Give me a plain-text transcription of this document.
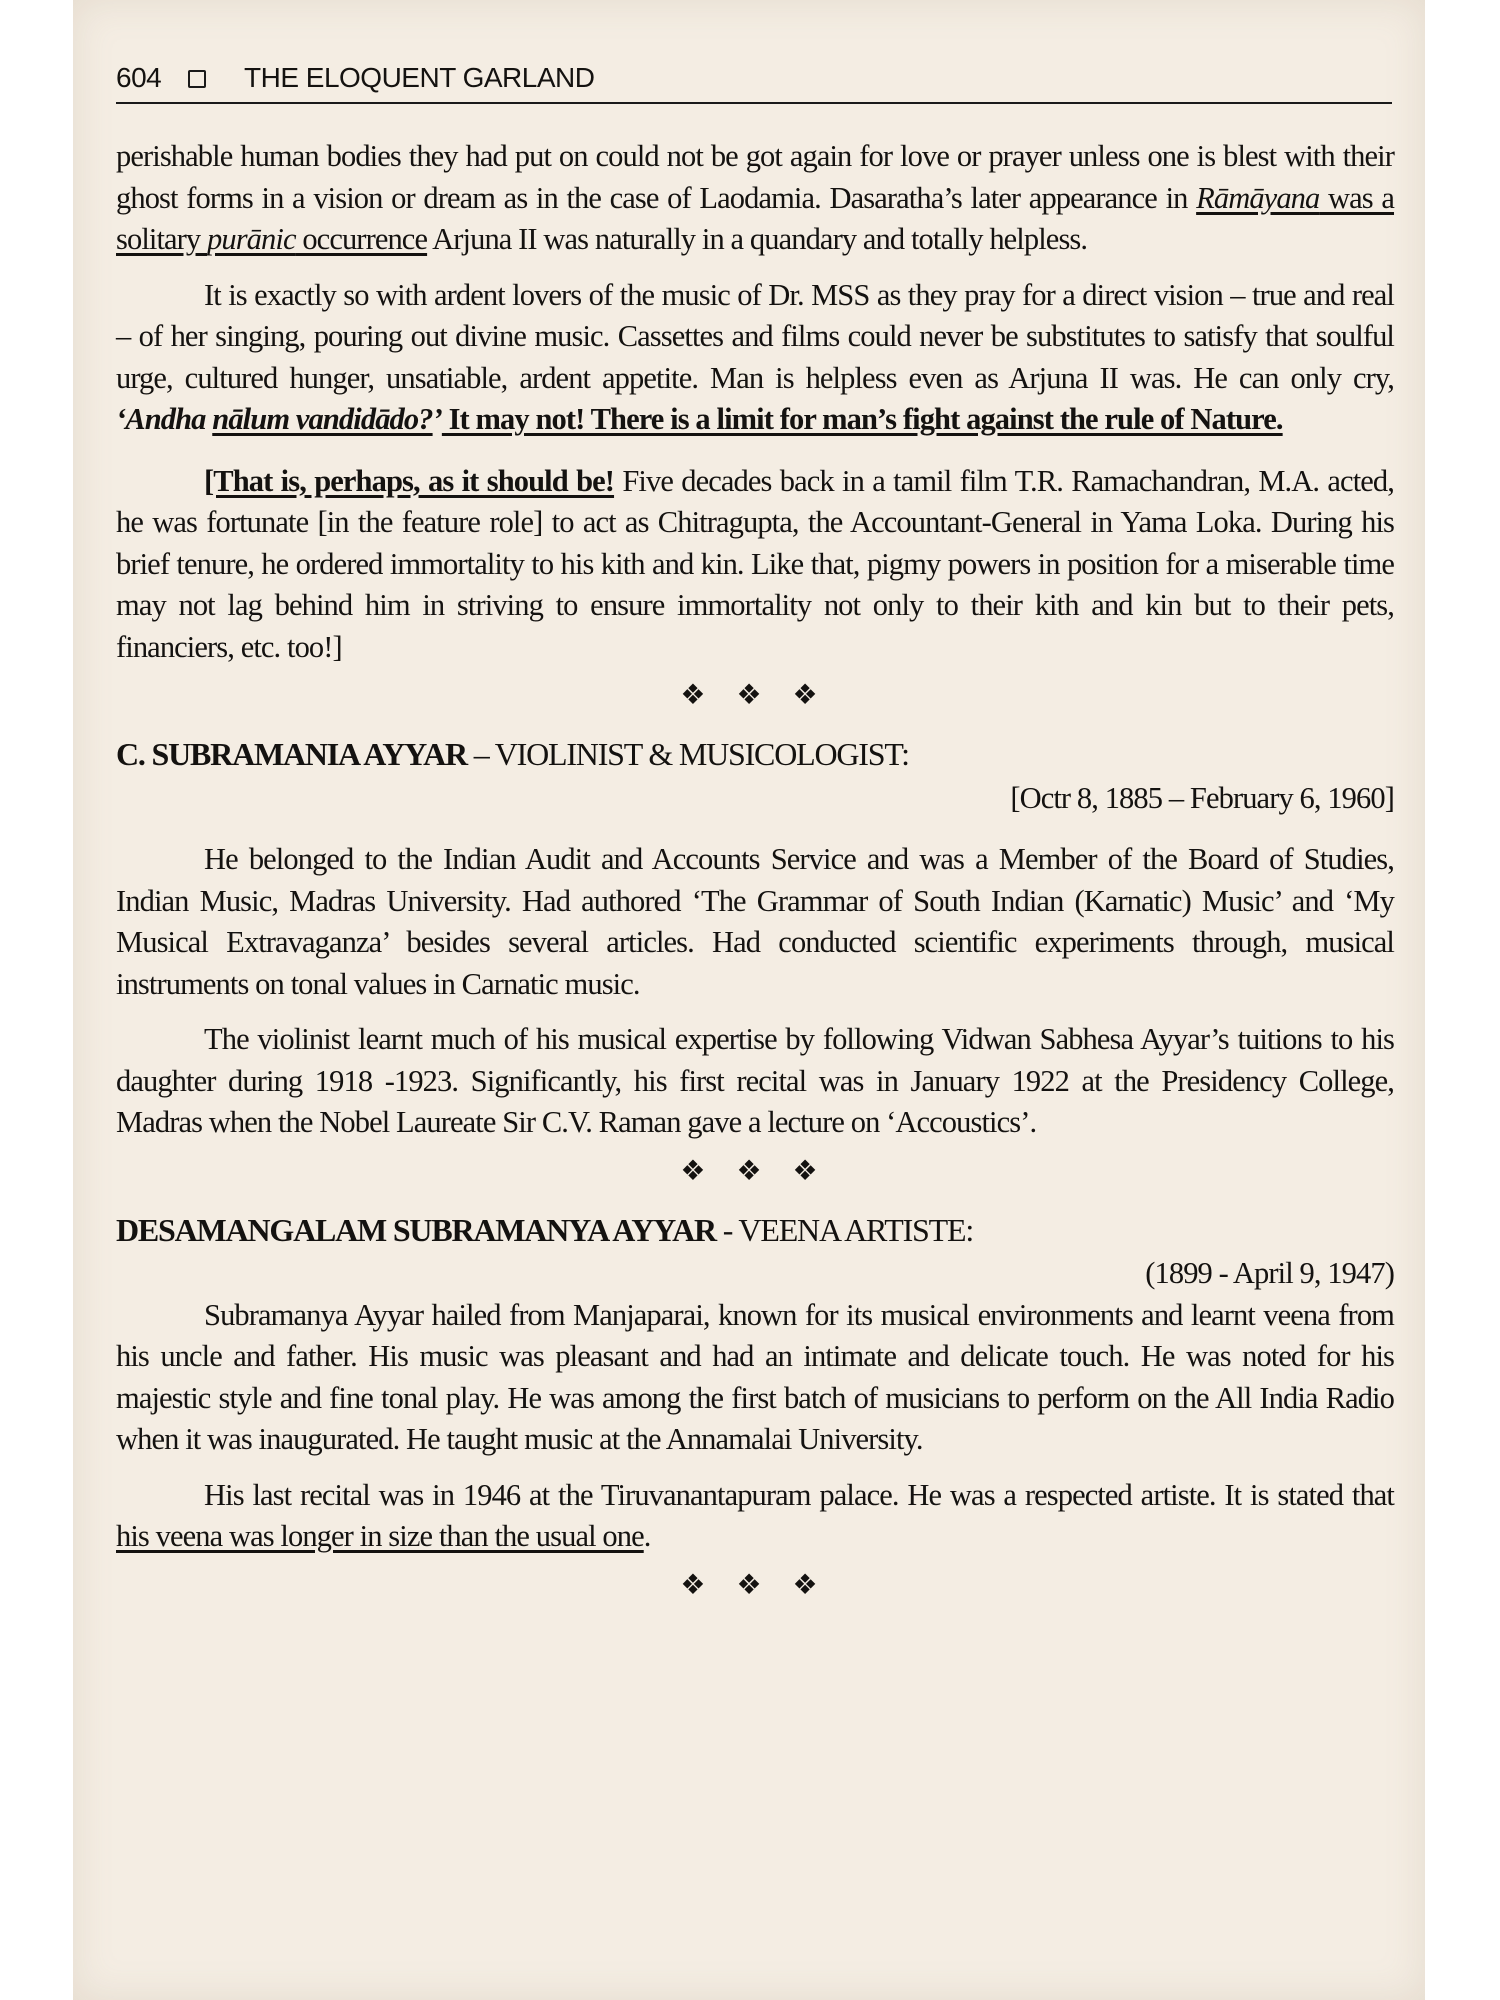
604	THE ELOQUENT GARLAND

perishable human bodies they had put on could not be got again for love or prayer unless one is blest with their ghost forms in a vision or dream as in the case of Laodamia. Dasaratha’s later appearance in Rāmāyana was a solitary purānic occurrence Arjuna II was naturally in a quandary and totally helpless.

It is exactly so with ardent lovers of the music of Dr. MSS as they pray for a direct vision – true and real – of her singing, pouring out divine music. Cassettes and films could never be substitutes to satisfy that soulful urge, cultured hunger, unsatiable, ardent appetite. Man is helpless even as Arjuna II was. He can only cry, ‘Andha nālum vandidādo?’ It may not! There is a limit for man’s fight against the rule of Nature.

[That is, perhaps, as it should be! Five decades back in a tamil film T.R. Ramachandran, M.A. acted, he was fortunate [in the feature role] to act as Chitragupta, the Accountant-General in Yama Loka. During his brief tenure, he ordered immortality to his kith and kin. Like that, pigmy powers in position for a miserable time may not lag behind him in striving to ensure immortality not only to their kith and kin but to their pets, financiers, etc. too!]

❖ ❖ ❖

C. SUBRAMANIA AYYAR – VIOLINIST & MUSICOLOGIST:

[Octr 8, 1885 – February 6, 1960]

He belonged to the Indian Audit and Accounts Service and was a Member of the Board of Studies, Indian Music, Madras University. Had authored ‘The Grammar of South Indian (Karnatic) Music’ and ‘My Musical Extravaganza’ besides several articles. Had conducted scientific experiments through, musical instruments on tonal values in Carnatic music.

The violinist learnt much of his musical expertise by following Vidwan Sabhesa Ayyar’s tuitions to his daughter during 1918 -1923. Significantly, his first recital was in January 1922 at the Presidency College, Madras when the Nobel Laureate Sir C.V. Raman gave a lecture on ‘Accoustics’.

❖ ❖ ❖

DESAMANGALAM SUBRAMANYA AYYAR - VEENA ARTISTE:

(1899 - April 9, 1947)

Subramanya Ayyar hailed from Manjaparai, known for its musical environments and learnt veena from his uncle and father. His music was pleasant and had an intimate and delicate touch. He was noted for his majestic style and fine tonal play. He was among the first batch of musicians to perform on the All India Radio when it was inaugurated. He taught music at the Annamalai University.

His last recital was in 1946 at the Tiruvanantapuram palace. He was a respected artiste. It is stated that his veena was longer in size than the usual one.

❖ ❖ ❖
